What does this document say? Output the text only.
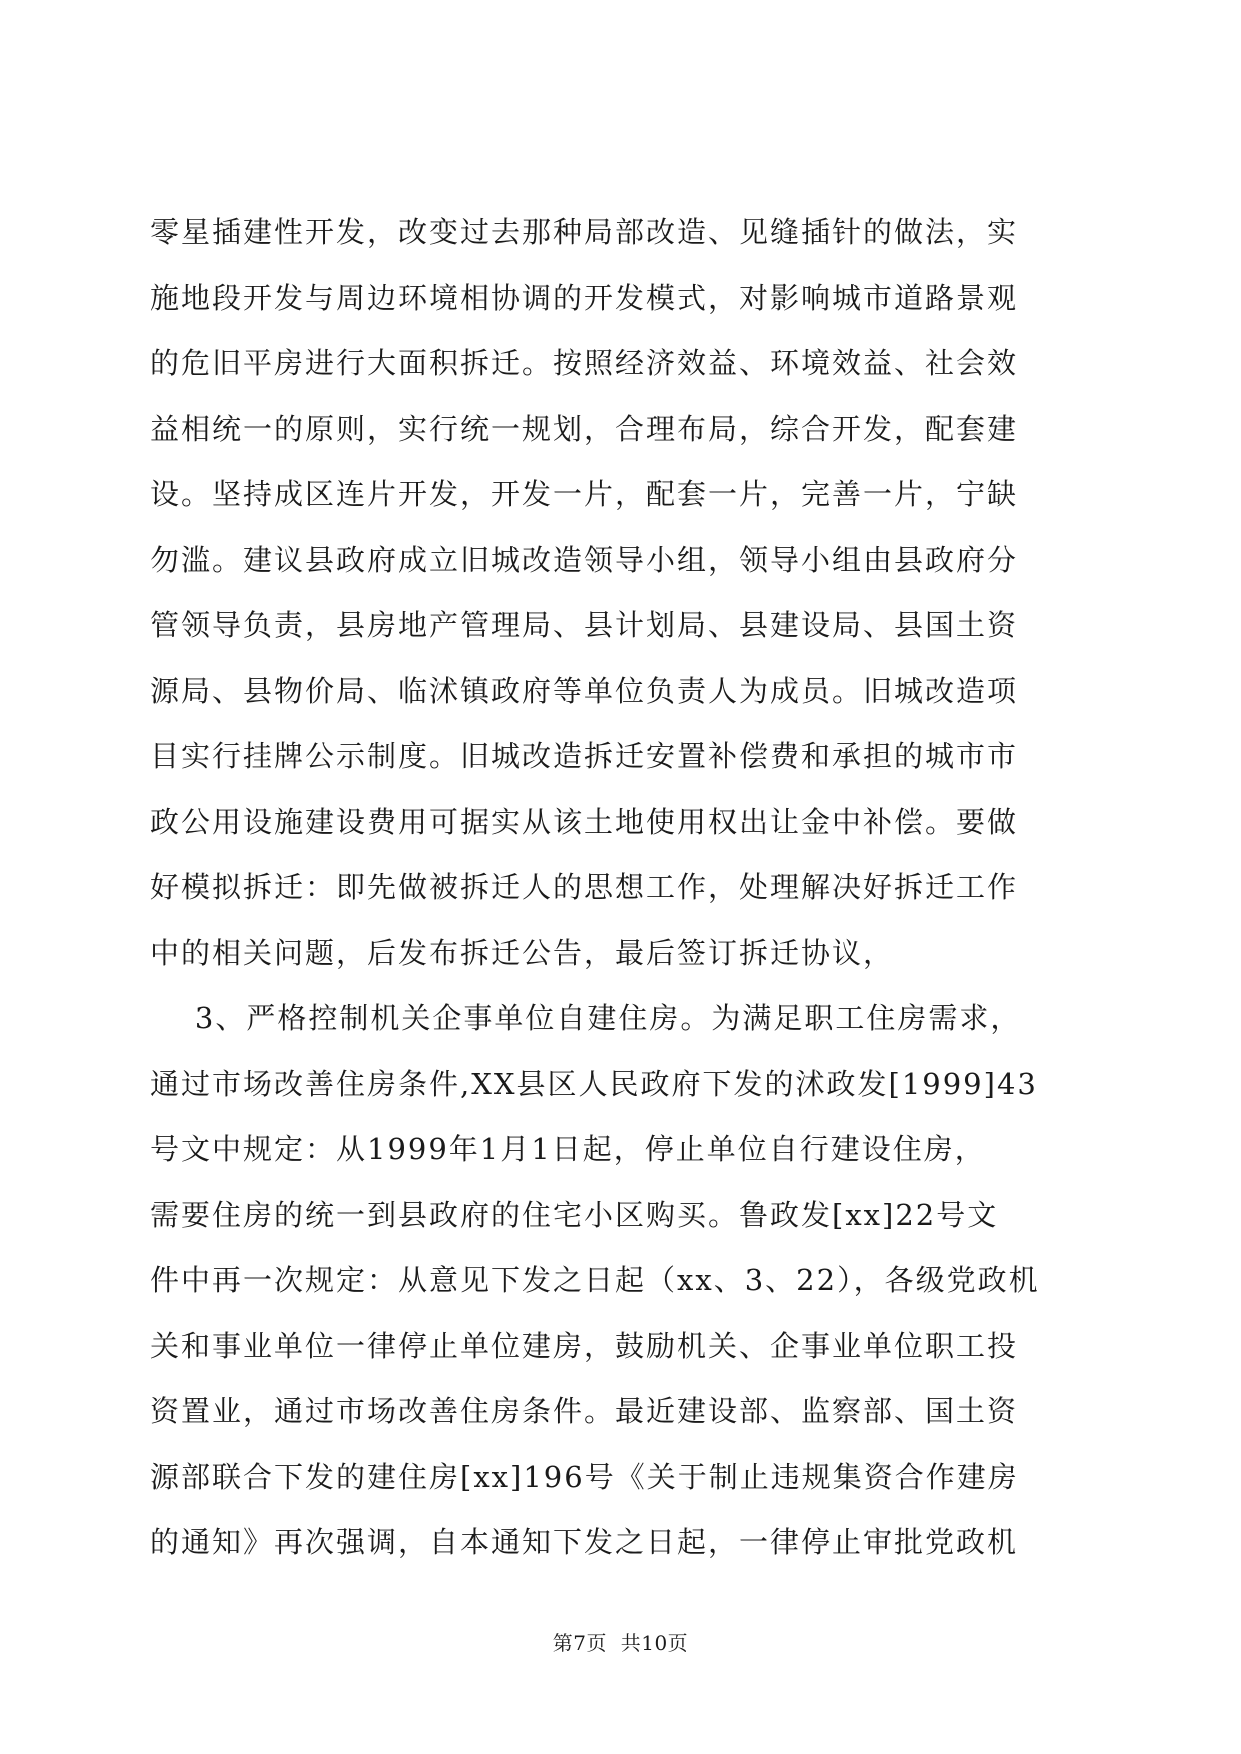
零星插建性开发，改变过去那种局部改造、见缝插针的做法，实
施地段开发与周边环境相协调的开发模式，对影响城市道路景观
的危旧平房进行大面积拆迁。按照经济效益、环境效益、社会效
益相统一的原则，实行统一规划，合理布局，综合开发，配套建
设。坚持成区连片开发，开发一片，配套一片，完善一片，宁缺
勿滥。建议县政府成立旧城改造领导小组，领导小组由县政府分
管领导负责，县房地产管理局、县计划局、县建设局、县国土资
源局、县物价局、临沭镇政府等单位负责人为成员。旧城改造项
目实行挂牌公示制度。旧城改造拆迁安置补偿费和承担的城市市
政公用设施建设费用可据实从该土地使用权出让金中补偿。要做
好模拟拆迁：即先做被拆迁人的思想工作，处理解决好拆迁工作
中的相关问题，后发布拆迁公告，最后签订拆迁协议，
3、严格控制机关企事单位自建住房。为满足职工住房需求，
通过市场改善住房条件,XX县区人民政府下发的沭政发[1999]43
号文中规定：从1999年1月1日起，停止单位自行建设住房，
需要住房的统一到县政府的住宅小区购买。鲁政发[xx]22号文
件中再一次规定：从意见下发之日起（xx、3、22），各级党政机
关和事业单位一律停止单位建房，鼓励机关、企事业单位职工投
资置业，通过市场改善住房条件。最近建设部、监察部、国土资
源部联合下发的建住房[xx]196号《关于制止违规集资合作建房
的通知》再次强调，自本通知下发之日起，一律停止审批党政机
第7页  共10页
